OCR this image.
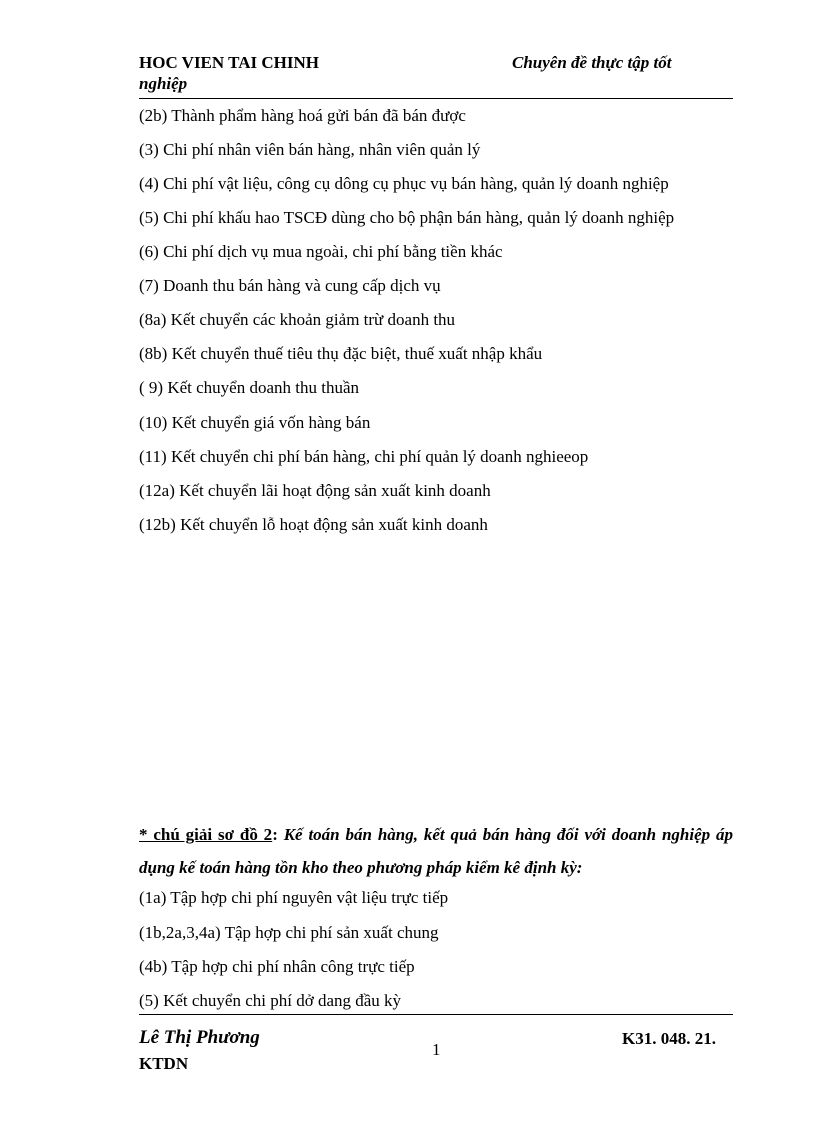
HOC VIEN TAI CHINH
nghiệp
Chuyên đề thực tập tốt
(2b) Thành phẩm hàng hoá gửi bán đã bán được
(3) Chi phí nhân viên bán hàng, nhân viên quản lý
(4) Chi phí vật liệu, công cụ dông cụ phục vụ bán hàng, quản lý doanh nghiệp
(5) Chi phí khấu hao TSCĐ dùng cho bộ phận bán hàng, quản lý doanh nghiệp
(6) Chi phí dịch vụ mua ngoài, chi phí bằng tiền khác
(7) Doanh thu bán hàng và cung cấp dịch vụ
(8a) Kết chuyển các khoản giảm trừ doanh thu
(8b) Kết chuyển thuế tiêu thụ đặc biệt, thuế xuất nhập khẩu
( 9) Kết chuyển doanh thu thuần
(10) Kết chuyển giá vốn hàng bán
(11) Kết chuyển chi phí bán hàng, chi phí quản lý doanh nghieeop
(12a) Kết chuyển lãi hoạt động sản xuất kinh doanh
(12b) Kết chuyển lỗ hoạt động sản xuất kinh doanh
* chú giải sơ đồ 2: Kế toán bán hàng, kết quả bán hàng đối với doanh nghiệp áp dụng kế toán hàng tồn kho theo phương pháp kiểm kê định kỳ:
(1a) Tập hợp chi phí nguyên vật liệu trực tiếp
(1b,2a,3,4a) Tập hợp chi phí sản xuất chung
(4b) Tập hợp chi phí nhân công trực tiếp
(5) Kết chuyển chi phí dở dang đầu kỳ
Lê Thị Phương
KTDN
1
K31. 048. 21.
